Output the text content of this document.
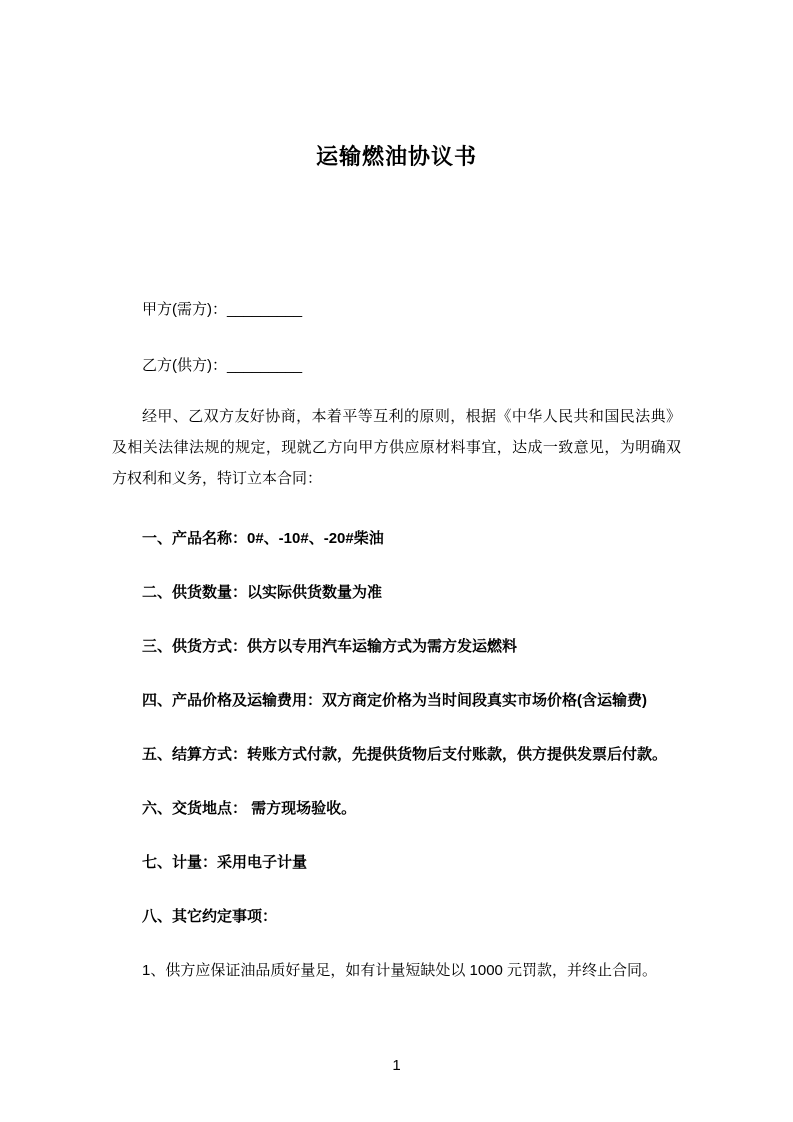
运输燃油协议书

甲方(需方)：_________

乙方(供方)：_________

经甲、乙双方友好协商，本着平等互利的原则，根据《中华人民共和国民法典》及相关法律法规的规定，现就乙方向甲方供应原材料事宜，达成一致意见，为明确双方权利和义务，特订立本合同：

一、产品名称：0#、-10#、-20#柴油

二、供货数量：以实际供货数量为准

三、供货方式：供方以专用汽车运输方式为需方发运燃料

四、产品价格及运输费用：双方商定价格为当时间段真实市场价格(含运输费)

五、结算方式：转账方式付款，先提供货物后支付账款，供方提供发票后付款。

六、交货地点： 需方现场验收。

七、计量：采用电子计量

八、其它约定事项：

1、供方应保证油品质好量足，如有计量短缺处以 1000 元罚款，并终止合同。

1
